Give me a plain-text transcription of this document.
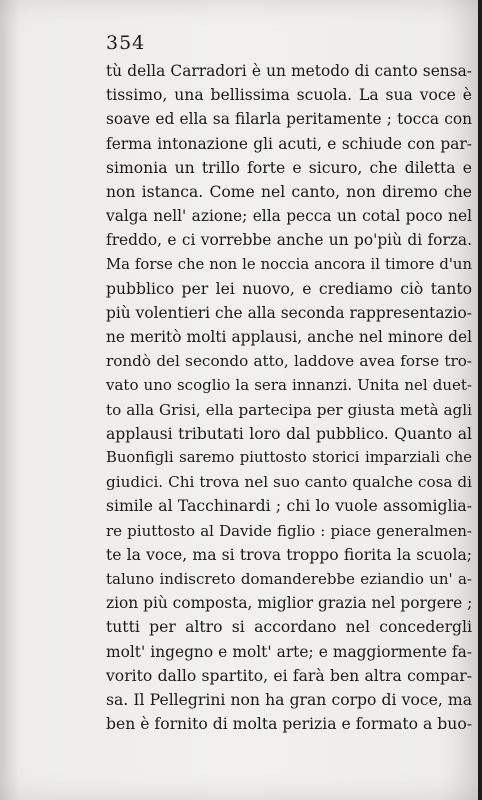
354
tù della Carradori è un metodo di canto sensa-
tissimo, una bellissima scuola. La sua voce è
soave ed ella sa filarla peritamente ; tocca con
ferma intonazione gli acuti, e schiude con par-
simonia un trillo forte e sicuro, che diletta e
non istanca. Come nel canto, non diremo che
valga nell' azione; ella pecca un cotal poco nel
freddo, e ci vorrebbe anche un po'più di forza.
Ma forse che non le noccia ancora il timore d'un
pubblico per lei nuovo, e crediamo ciò tanto
più volentieri che alla seconda rappresentazio-
ne meritò molti applausi, anche nel minore del
rondò del secondo atto, laddove avea forse tro-
vato uno scoglio la sera innanzi. Unita nel duet-
to alla Grisi, ella partecipa per giusta metà agli
applausi tributati loro dal pubblico. Quanto al
Buonfigli saremo piuttosto storici imparziali che
giudici. Chi trova nel suo canto qualche cosa di
simile al Tacchinardi ; chi lo vuole assomiglia-
re piuttosto al Davide figlio : piace generalmen-
te la voce, ma si trova troppo fiorita la scuola;
taluno indiscreto domanderebbe eziandio un' a-
zion più composta, miglior grazia nel porgere ;
tutti per altro si accordano nel concedergli
molt' ingegno e molt' arte; e maggiormente fa-
vorito dallo spartito, ei farà ben altra compar-
sa. Il Pellegrini non ha gran corpo di voce, ma
ben è fornito di molta perizia e formato a buo-
